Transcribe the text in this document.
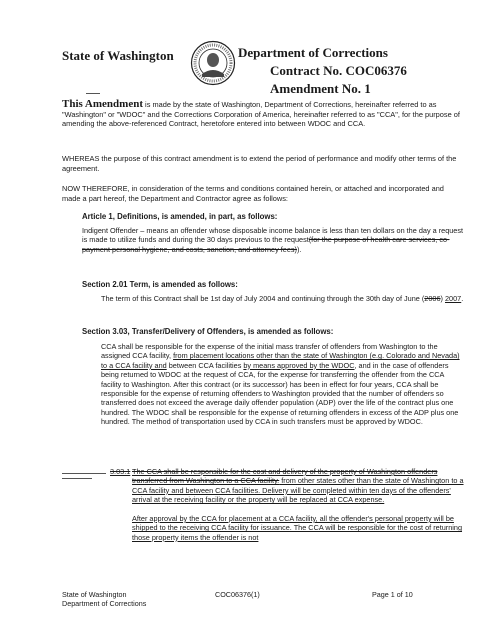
State of Washington	Department of Corrections
Contract No. COC06376
Amendment No. 1
This Amendment is made by the state of Washington, Department of Corrections, hereinafter referred to as "Washington" or "WDOC" and the Corrections Corporation of America, hereinafter referred to as "CCA", for the purpose of amending the above-referenced Contract, heretofore entered into between WDOC and CCA.
WHEREAS the purpose of this contract amendment is to extend the period of performance and modify other terms of the agreement.
NOW THEREFORE, in consideration of the terms and conditions contained herein, or attached and incorporated and made a part hereof, the Department and Contractor agree as follows:
Article 1, Definitions, is amended, in part, as follows:
Indigent Offender – means an offender whose disposable income balance is less than ten dollars on the day a request is made to utilize funds and during the 30 days previous to the request(for the purpose of health care services, co-payment personal hygiene, and costs, sanction, and attorney fees)).
Section 2.01 Term, is amended as follows:
The term of this Contract shall be 1st day of July 2004 and continuing through the 30th day of June (2006) 2007.
Section 3.03, Transfer/Delivery of Offenders, is amended as follows:
CCA shall be responsible for the expense of the initial mass transfer of offenders from Washington to the assigned CCA facility, from placement locations other than the state of Washington (e.g. Colorado and Nevada) to a CCA facility and between CCA facilities by means approved by the WDOC, and in the case of offenders being returned to WDOC at the request of CCA, for the expense for transferring the offender from the CCA facility to Washington. After this contract (or its successor) has been in effect for four years, CCA shall be responsible for the expense of returning offenders to Washington provided that the number of offenders so transferred does not exceed the average daily offender population (ADP) over the life of the contract plus one hundred. The WDOC shall be responsible for the expense of returning offenders in excess of the ADP plus one hundred. The method of transportation used by CCA in such transfers must be approved by WDOC.
3.03.1 The CCA shall be responsible for the cost and delivery of the property of Washington offenders transferred from Washington to a CCA facility. from other states other than the state of Washington to a CCA facility and between CCA facilities. Delivery will be completed within ten days of the offenders' arrival at the receiving facility or the property will be replaced at CCA expense.
After approval by the CCA for placement at a CCA facility, all the offender's personal property will be shipped to the receiving CCA facility for issuance. The CCA will be responsible for the cost of returning those property items the offender is not
State of Washington
Department of Corrections
COC06376(1)	Page 1 of 10
